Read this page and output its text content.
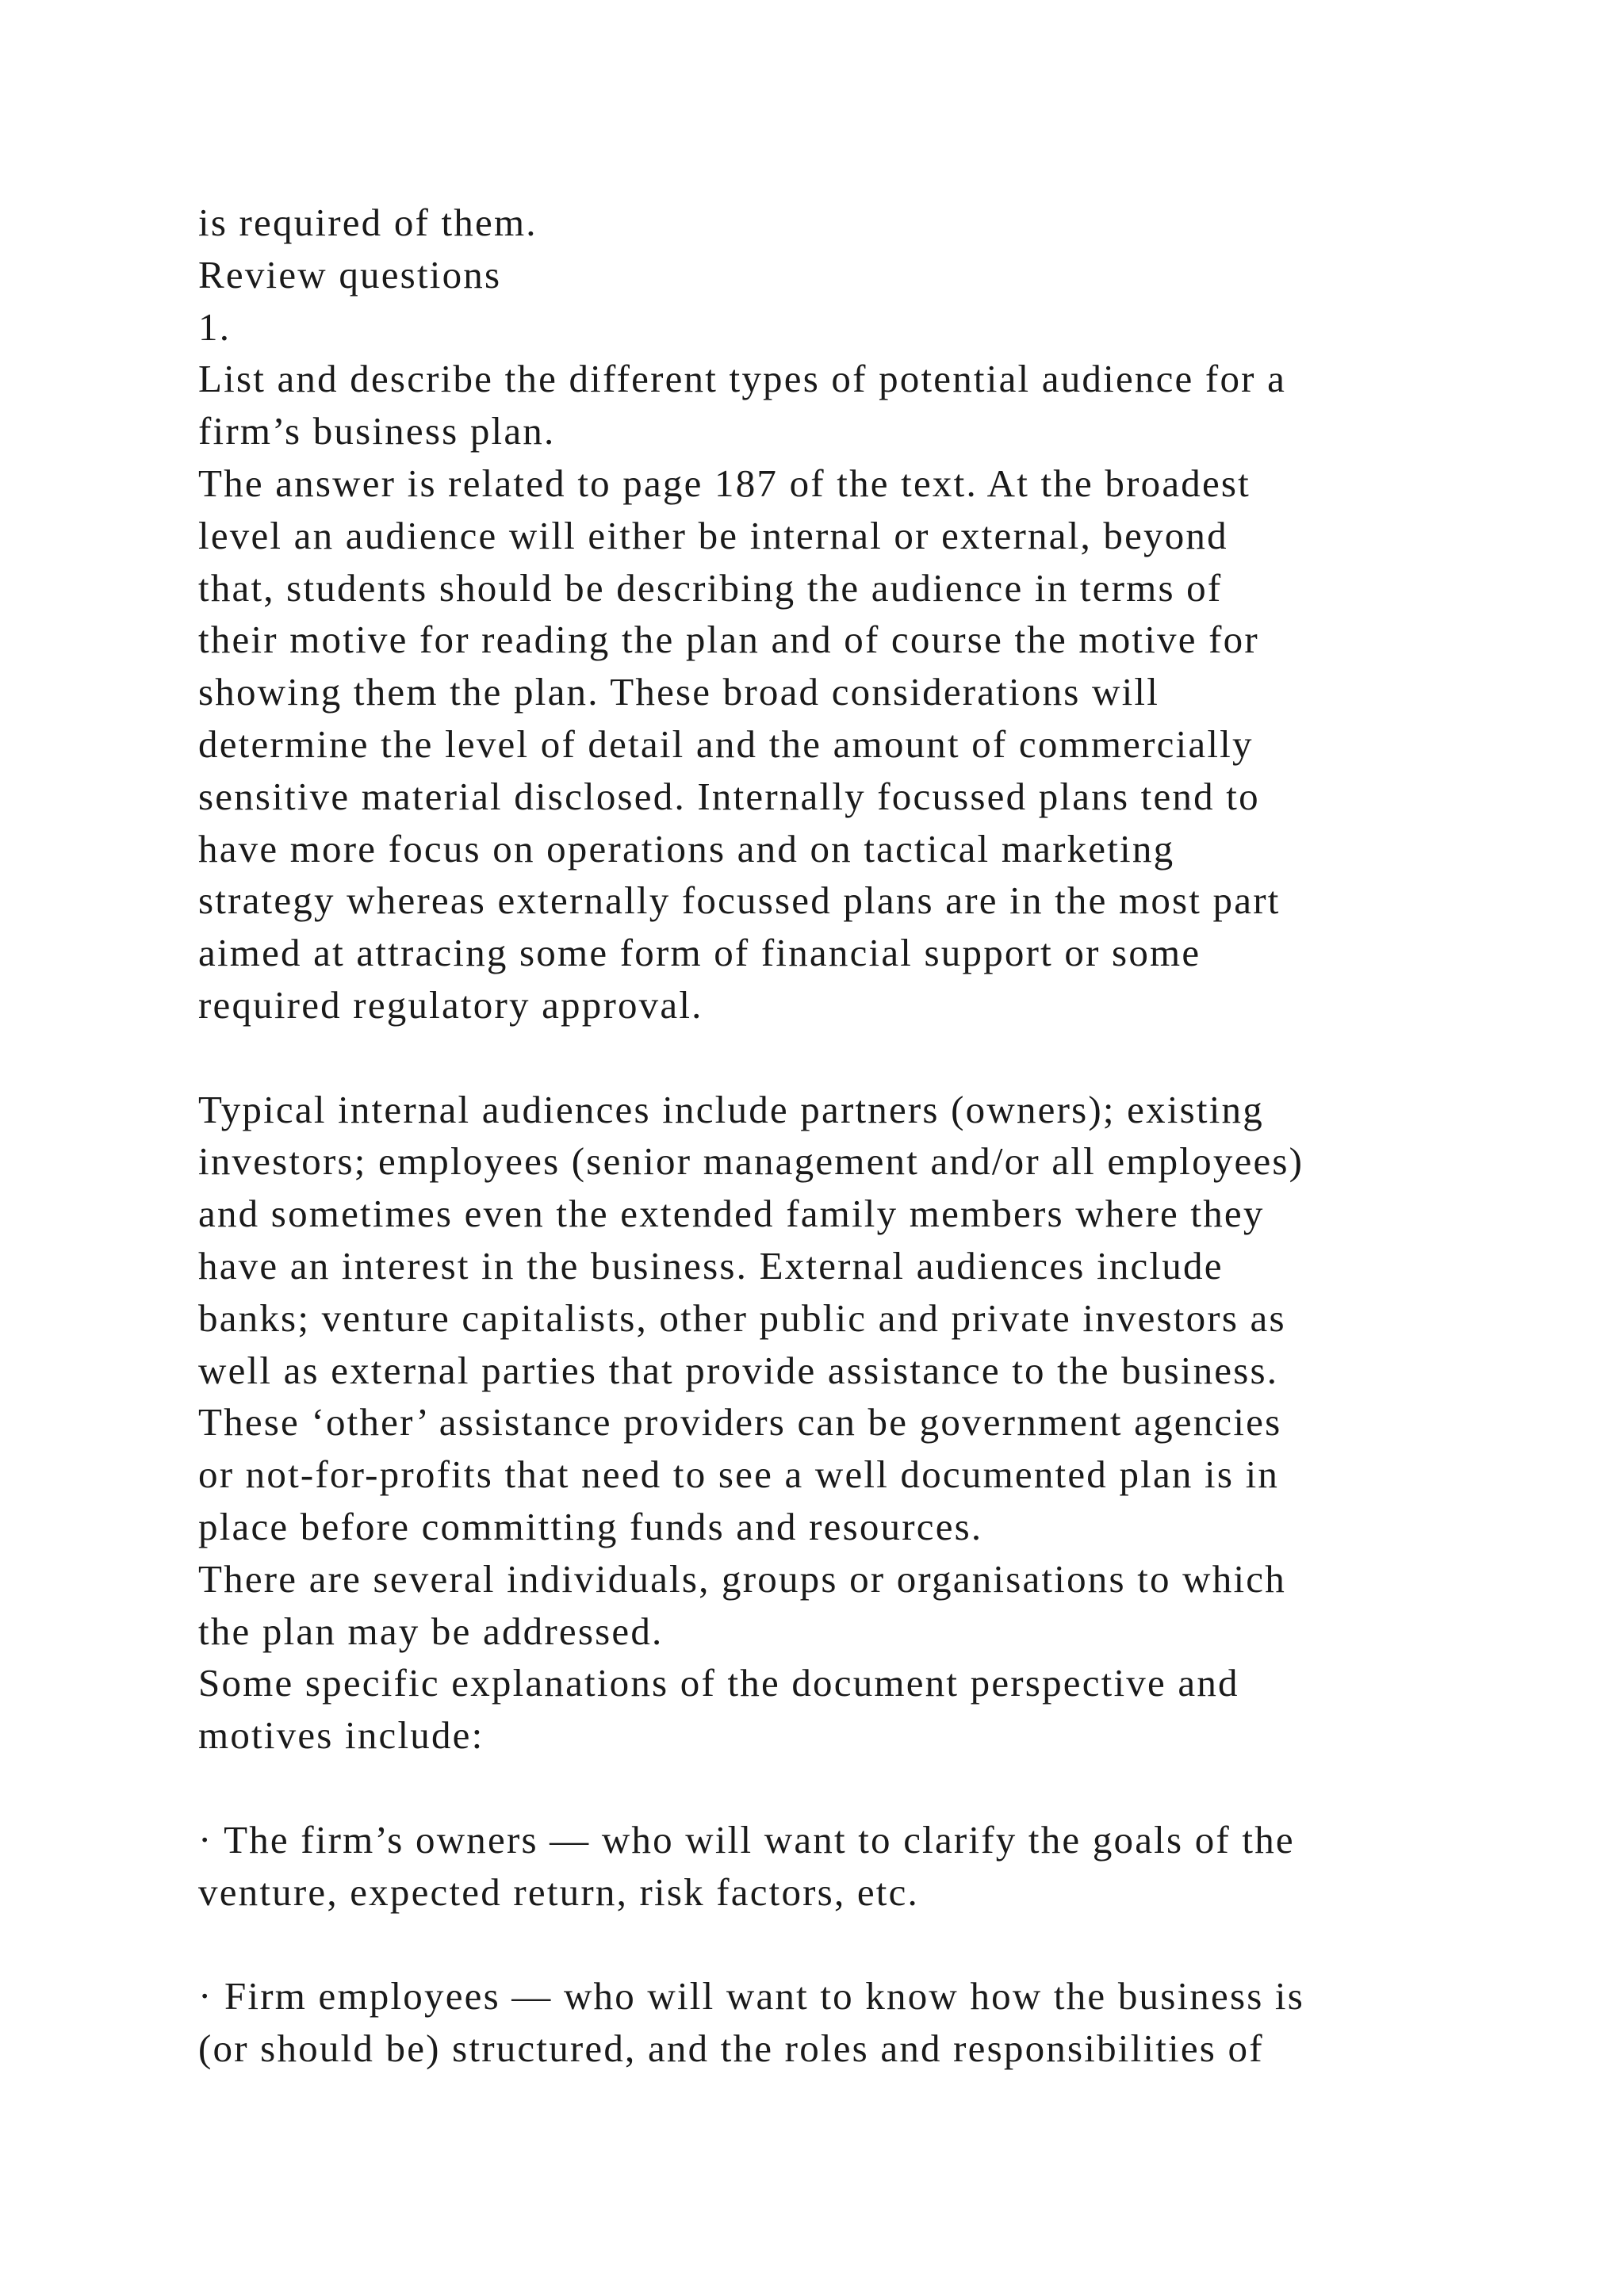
is required of them.
Review questions
1.
List and describe the different types of potential audience for a
firm’s business plan.
The answer is related to page 187 of the text. At the broadest
level an audience will either be internal or external, beyond
that, students should be describing the audience in terms of
their motive for reading the plan and of course the motive for
showing them the plan. These broad considerations will
determine the level of detail and the amount of commercially
sensitive material disclosed. Internally focussed plans tend to
have more focus on operations and on tactical marketing
strategy whereas externally focussed plans are in the most part
aimed at attracing some form of financial support or some
required regulatory approval.
Typical internal audiences include partners (owners); existing
investors; employees (senior management and/or all employees)
and sometimes even the extended family members where they
have an interest in the business. External audiences include
banks; venture capitalists, other public and private investors as
well as external parties that provide assistance to the business.
These ‘other’ assistance providers can be government agencies
or not-for-profits that need to see a well documented plan is in
place before committing funds and resources.
There are several individuals, groups or organisations to which
the plan may be addressed.
Some specific explanations of the document perspective and
motives include:
· The firm’s owners — who will want to clarify the goals of the
venture, expected return, risk factors, etc.
· Firm employees — who will want to know how the business is
(or should be) structured, and the roles and responsibilities of
